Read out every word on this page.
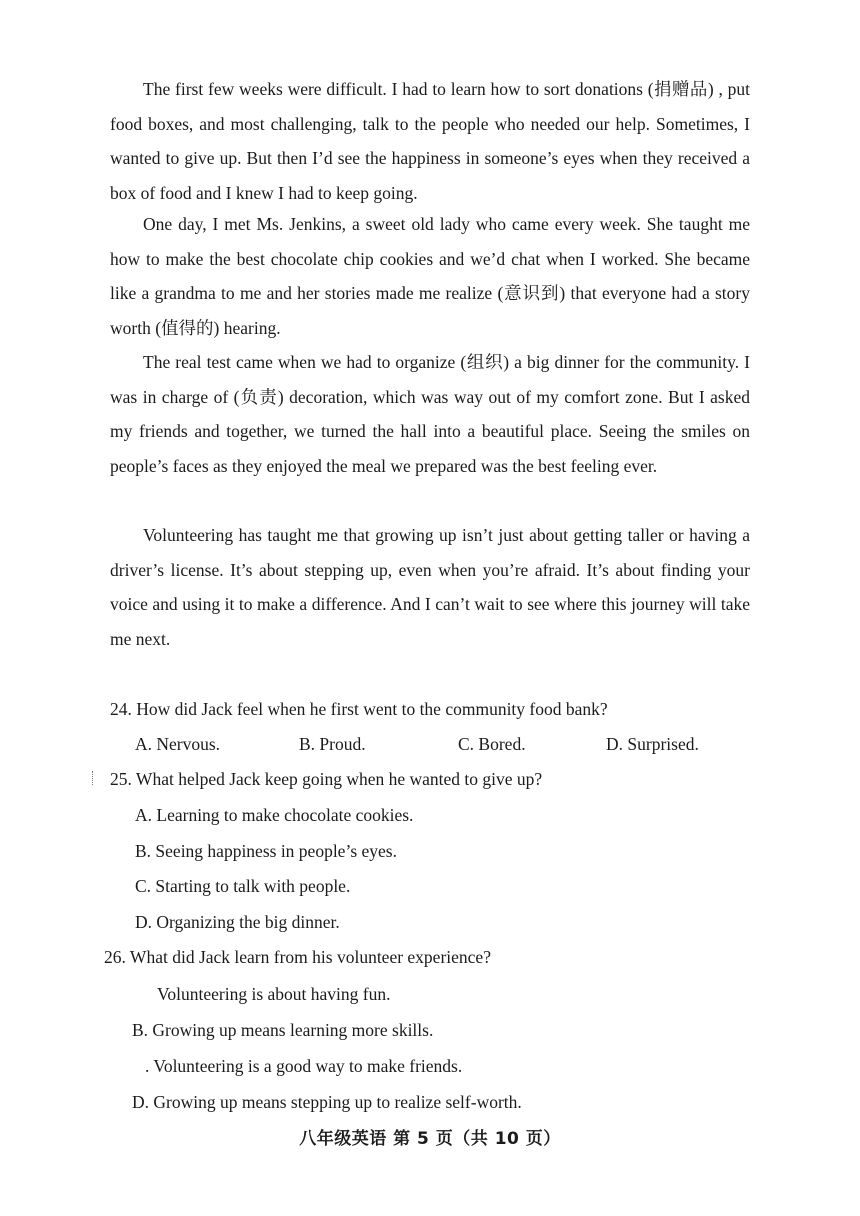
The first few weeks were difficult. I had to learn how to sort donations (捐赠品) , put food boxes, and most challenging, talk to the people who needed our help. Sometimes, I wanted to give up. But then I’d see the happiness in someone’s eyes when they received a box of food and I knew I had to keep going.

One day, I met Ms. Jenkins, a sweet old lady who came every week. She taught me how to make the best chocolate chip cookies and we’d chat when I worked. She became like a grandma to me and her stories made me realize (意识到) that everyone had a story worth (值得的) hearing.

The real test came when we had to organize (组织) a big dinner for the community. I was in charge of (负责) decoration, which was way out of my comfort zone. But I asked my friends and together, we turned the hall into a beautiful place. Seeing the smiles on people’s faces as they enjoyed the meal we prepared was the best feeling ever.

Volunteering has taught me that growing up isn’t just about getting taller or having a driver’s license. It’s about stepping up, even when you’re afraid. It’s about finding your voice and using it to make a difference. And I can’t wait to see where this journey will take me next.

24. How did Jack feel when he first went to the community food bank?

A. Nervous.	B. Proud.	C. Bored.	D. Surprised.

25. What helped Jack keep going when he wanted to give up?

A. Learning to make chocolate cookies.

B. Seeing happiness in people’s eyes.

C. Starting to talk with people.

D. Organizing the big dinner.

26. What did Jack learn from his volunteer experience?

Volunteering is about having fun.

B. Growing up means learning more skills.

. Volunteering is a good way to make friends.

D. Growing up means stepping up to realize self-worth.

八年级英语 第 5 页（共 10 页）
